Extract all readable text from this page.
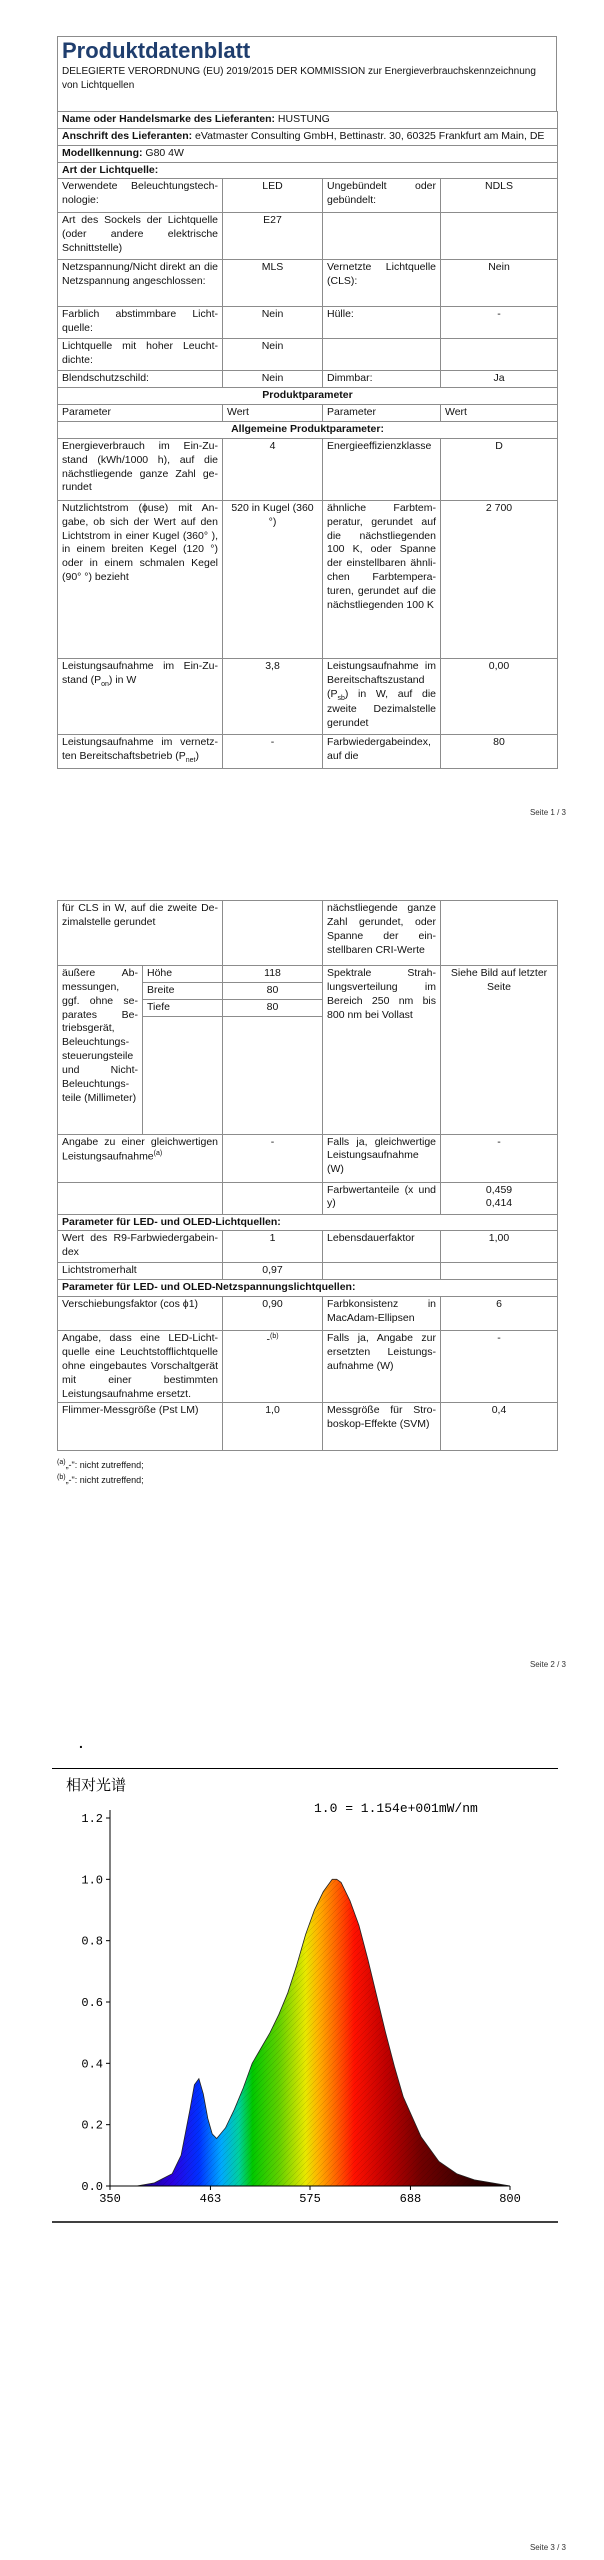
Produktdatenblatt
DELEGIERTE VERORDNUNG (EU) 2019/2015 DER KOMMISSION zur Energieverbrauchskennzeichnung von Lichtquellen
Name oder Handelsmarke des Lieferanten: HUSTUNG			
Anschrift des Lieferanten: eVatmaster Consulting GmbH, Bettinastr. 30, 60325 Frankfurt am Main, DE			
Modellkennung: G80 4W			
Art der Lichtquelle:			
Verwendete Beleuchtungstechnologie:	LED	Ungebündelt oder gebündelt:	NDLS
Art des Sockels der Lichtquelle (oder andere elektrische Schnittstelle)	E27		
Netzspannung/Nicht direkt an die Netzspannung angeschlossen:	MLS	Vernetzte Lichtquelle (CLS):	Nein
Farblich abstimmbare Lichtquelle:	Nein	Hülle:	-
Lichtquelle mit hoher Leuchtdichte:	Nein		
Blendschutzschild:	Nein	Dimmbar:	Ja
Produktparameter			
Parameter	Wert	Parameter	Wert
Allgemeine Produktparameter:			
Energieverbrauch im Ein-Zustand (kWh/1000 h), auf die nächstliegende ganze Zahl gerundet	4	Energieeffizienzklasse	D
Nutzlichtstrom (ɸuse) mit Angabe, ob sich der Wert auf den Lichtstrom in einer Kugel (360° ), in einem breiten Kegel (120 °) oder in einem schmalen Kegel (90° °) bezieht	520 in Kugel (360 °)	ähnliche Farbtemperatur, gerundet auf die nächstliegenden 100 K, oder Spanne der einstellbaren ähnlichen Farbtemperaturen, gerundet auf die nächstliegenden 100 K	2 700
Leistungsaufnahme im Ein-Zustand $(P_{on})$ in W	3,8	Leistungsaufnahme im Bereitschaftszustand $(P_{sb})$ in W, auf die zweite Dezimalstelle gerundet	0,00
Leistungsaufnahme im vernetzten Bereitschaftsbetrieb $(P_{net})$	-	Farbwiedergabeindex, auf die	80
Seite 1 / 3
für CLS in W, auf die zweite Dezimalstelle gerundet			nächstliegende ganze Zahl gerundet, oder Spanne der einstellbaren CRI-Werte	
äußere Abmessungen, ggf. ohne separates Betriebsgerät, Beleuchtungssteuerungsteile und Nicht-Beleuchtungsteile (Millimeter)	Höhe	118	Spektrale Strahlungsverteilung im Bereich 250 nm bis 800 nm bei Vollast	Siehe Bild auf letzter Seite
	Breite	80		
	Tiefe	80		

Angabe zu einer gleichwertigen Leistungsaufnahme$^{(a)}$		-	Falls ja, gleichwertige Leistungsaufnahme (W)	-
			Farbwertanteile (x und y)	0,459
0,414

Parameter für LED- und OLED-Lichtquellen:				
Wert des R9-Farbwiedergabeindex		1	Lebensdauerfaktor	1,00
Lichtstromerhalt		0,97		
Parameter für LED- und OLED-Netzspannungslichtquellen:				
Verschiebungsfaktor (cos ϕ1)		0,90	Farbkonsistenz in MacAdam-Ellipsen	6
Angabe, dass eine LED-Lichtquelle eine Leuchtstofflichtquelle ohne eingebautes Vorschaltgerät mit einer bestimmten Leistungsaufnahme ersetzt.		-$^{(b)}$	Falls ja, Angabe zur ersetzten Leistungsaufnahme (W)	-
Flimmer-Messgröße (Pst LM)		1,0	Messgröße für Stroboskop-Effekte (SVM)	0,4
$^{(a)}$„-": nicht zutreffend;
$^{(b)}$„-": nicht zutreffend;
Seite 2 / 3
.
0.0
0.2
0.4
0.6
0.8
1.0
1.2
350	463	575	688	800
相对光谱
1.0 = 1.154e+001mW/nm
Seite 3 / 3
